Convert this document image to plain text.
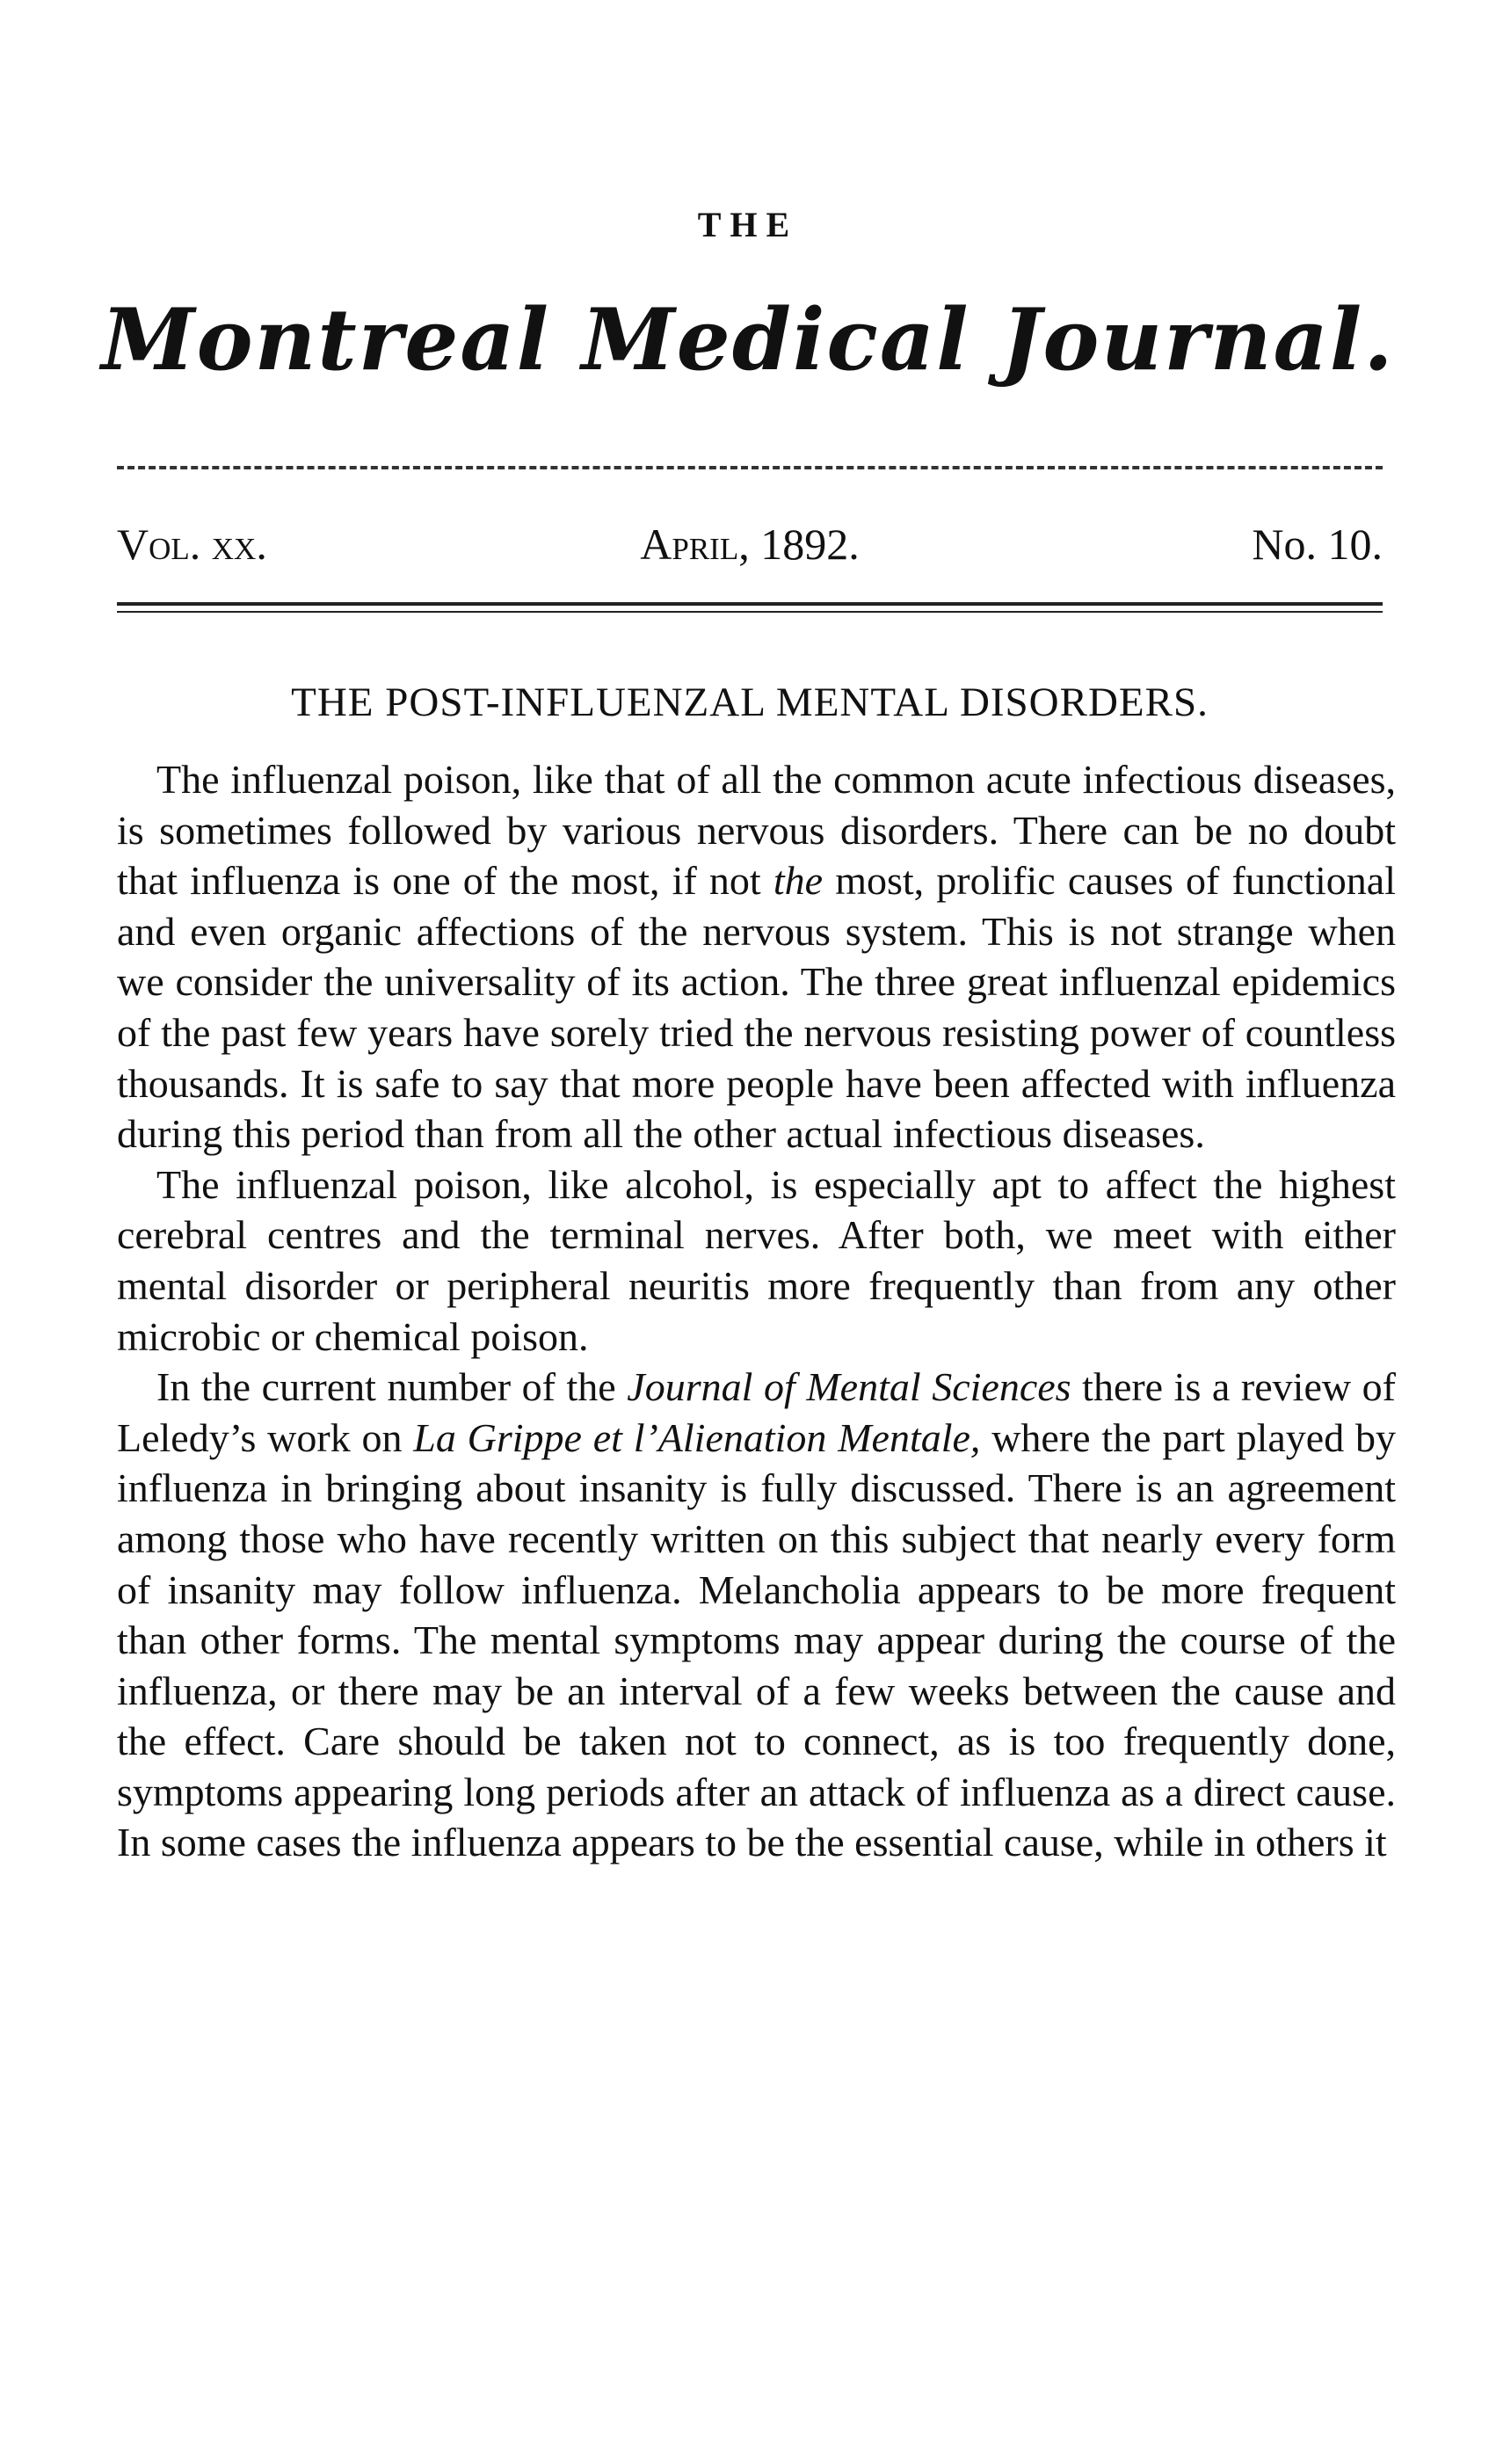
THE
Montreal Medical Journal.
Vol. xx.	April, 1892.	No. 10.
THE POST-INFLUENZAL MENTAL DISORDERS.

The influenzal poison, like that of all the common acute infectious diseases, is sometimes followed by various nervous disorders. There can be no doubt that influenza is one of the most, if not the most, prolific causes of functional and even organic affections of the nervous system. This is not strange when we consider the universality of its action. The three great influenzal epidemics of the past few years have sorely tried the nervous resisting power of countless thousands. It is safe to say that more people have been affected with influenza during this period than from all the other actual infectious diseases.

The influenzal poison, like alcohol, is especially apt to affect the highest cerebral centres and the terminal nerves. After both, we meet with either mental disorder or peripheral neuritis more frequently than from any other microbic or chemical poison.

In the current number of the Journal of Mental Sciences there is a review of Leledy’s work on La Grippe et l’Alienation Mentale, where the part played by influenza in bringing about insanity is fully discussed. There is an agreement among those who have recently written on this subject that nearly every form of insanity may follow influenza. Melancholia appears to be more frequent than other forms. The mental symptoms may appear during the course of the influenza, or there may be an interval of a few weeks between the cause and the effect. Care should be taken not to connect, as is too frequently done, symptoms appearing long periods after an attack of influenza as a direct cause. In some cases the influenza appears to be the essential cause, while in others it
